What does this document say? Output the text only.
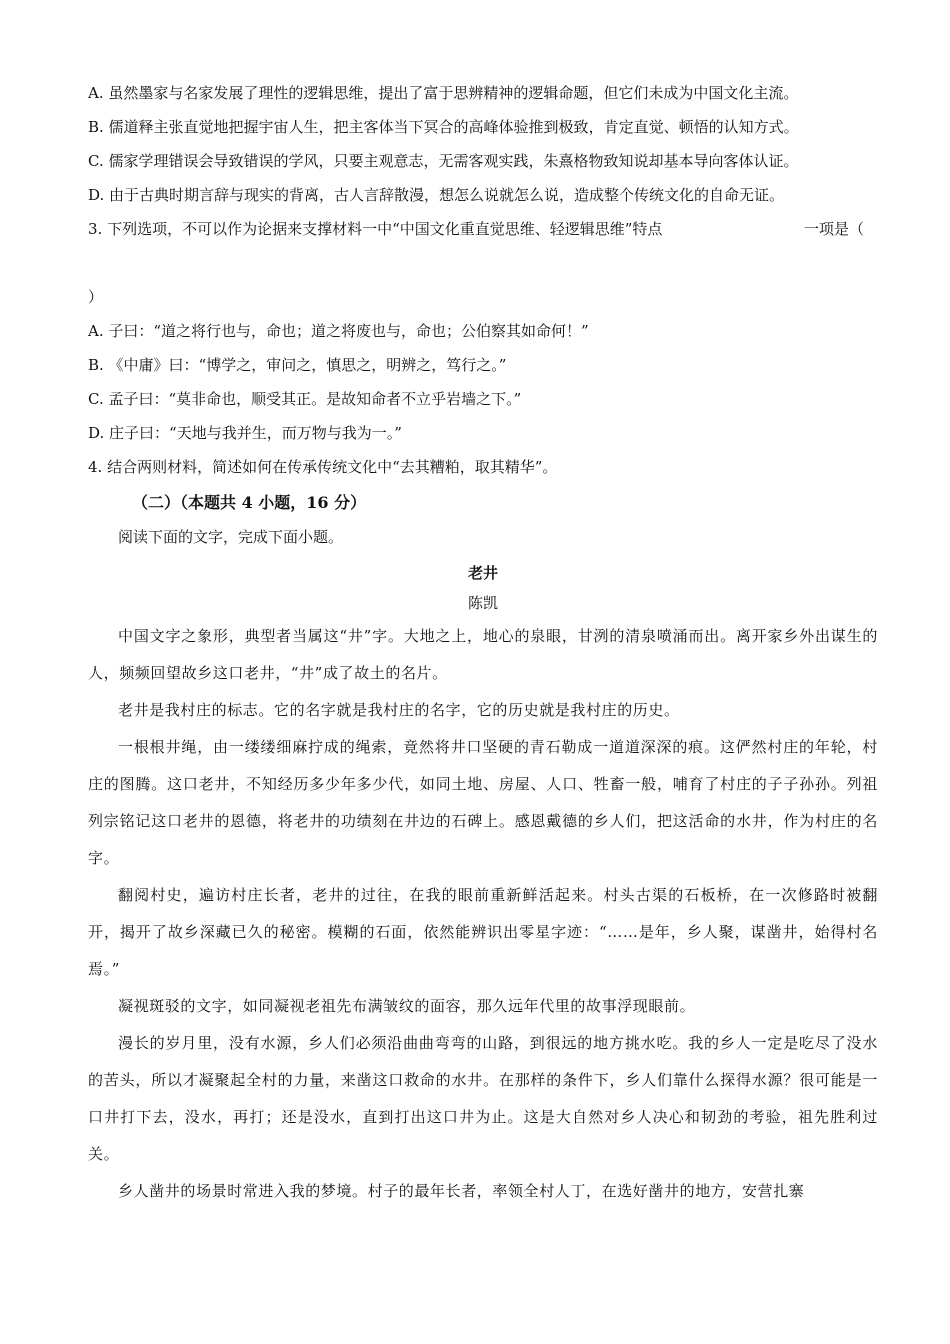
A. 虽然墨家与名家发展了理性的逻辑思维，提出了富于思辨精神的逻辑命题，但它们未成为中国文化主流。
B. 儒道释主张直觉地把握宇宙人生，把主客体当下冥合的高峰体验推到极致，肯定直觉、顿悟的认知方式。
C. 儒家学理错误会导致错误的学风，只要主观意志，无需客观实践，朱熹格物致知说却基本导向客体认证。
D. 由于古典时期言辞与现实的背离，古人言辞散漫，想怎么说就怎么说，造成整个传统文化的自命无证。
3. 下列选项，不可以作为论据来支撑材料一中“中国文化重直觉思维、轻逻辑思维”特点	一项是（
）
A. 子曰：“道之将行也与，命也；道之将废也与，命也；公伯察其如命何！”
B. 《中庸》曰：“博学之，审问之，慎思之，明辨之，笃行之。”
C. 孟子曰：“莫非命也，顺受其正。是故知命者不立乎岩墙之下。”
D. 庄子曰：“天地与我并生，而万物与我为一。”
4. 结合两则材料，简述如何在传承传统文化中“去其糟粕，取其精华”。
（二）（本题共 4 小题，16 分）
阅读下面的文字，完成下面小题。
老井
陈凯

中国文字之象形，典型者当属这“井”字。大地之上，地心的泉眼，甘洌的清泉喷涌而出。离开家乡外出谋生的人，频频回望故乡这口老井，“井”成了故土的名片。

老井是我村庄的标志。它的名字就是我村庄的名字，它的历史就是我村庄的历史。

一根根井绳，由一缕缕细麻拧成的绳索，竟然将井口坚硬的青石勒成一道道深深的痕。这俨然村庄的年轮，村庄的图腾。这口老井，不知经历多少年多少代，如同土地、房屋、人口、牲畜一般，哺育了村庄的子子孙孙。列祖列宗铭记这口老井的恩德，将老井的功绩刻在井边的石碑上。感恩戴德的乡人们，把这活命的水井，作为村庄的名字。

翻阅村史，遍访村庄长者，老井的过往，在我的眼前重新鲜活起来。村头古渠的石板桥，在一次修路时被翻开，揭开了故乡深藏已久的秘密。模糊的石面，依然能辨识出零星字迹：“……是年，乡人聚，谋凿井，始得村名焉。”

凝视斑驳的文字，如同凝视老祖先布满皱纹的面容，那久远年代里的故事浮现眼前。

漫长的岁月里，没有水源，乡人们必须沿曲曲弯弯的山路，到很远的地方挑水吃。我的乡人一定是吃尽了没水的苦头，所以才凝聚起全村的力量，来凿这口救命的水井。在那样的条件下，乡人们靠什么探得水源？很可能是一口井打下去，没水，再打；还是没水，直到打出这口井为止。这是大自然对乡人决心和韧劲的考验，祖先胜利过关。

乡人凿井的场景时常进入我的梦境。村子的最年长者，率领全村人丁，在选好凿井的地方，安营扎寨
